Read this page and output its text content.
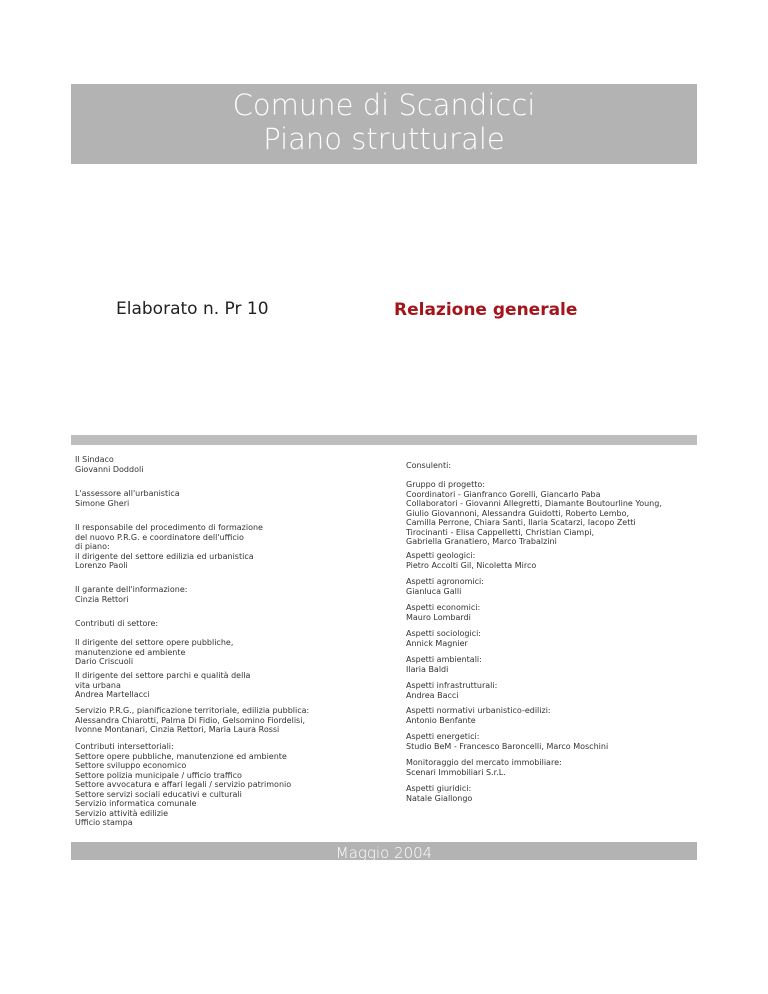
Comune di Scandicci
Piano strutturale
Elaborato n. Pr 10	Relazione generale
Il Sindaco
Giovanni Doddoli
L'assessore all'urbanistica
Simone Gheri
Il responsabile del procedimento di formazione
del nuovo P.R.G. e coordinatore dell'ufficio
di piano:
il dirigente del settore edilizia ed urbanistica
Lorenzo Paoli
Il garante dell'informazione:
Cinzia Rettori
Contributi di settore:
Il dirigente del settore opere pubbliche,
manutenzione ed ambiente
Dario Criscuoli
Il dirigente del settore parchi e qualità della
vita urbana
Andrea Martellacci
Servizio P.R.G., pianificazione territoriale, edilizia pubblica:
Alessandra Chiarotti, Palma Di Fidio, Gelsomino Fiordelisi,
Ivonne Montanari, Cinzia Rettori, Maria Laura Rossi
Contributi intersettoriali:
Settore opere pubbliche, manutenzione ed ambiente
Settore sviluppo economico
Settore polizia municipale / ufficio traffico
Settore avvocatura e affari legali / servizio patrimonio
Settore servizi sociali educativi e culturali
Servizio informatica comunale
Servizio attività edilizie
Ufficio stampa
Consulenti:
Gruppo di progetto:
Coordinatori - Gianfranco Gorelli, Giancarlo Paba
Collaboratori - Giovanni Allegretti, Diamante Boutourline Young,
Giulio Giovannoni, Alessandra Guidotti, Roberto Lembo,
Camilla Perrone, Chiara Santi, Ilaria Scatarzi, Iacopo Zetti
Tirocinanti - Elisa Cappelletti, Christian Ciampi,
Gabriella Granatiero, Marco Trabalzini
Aspetti geologici:
Pietro Accolti Gil, Nicoletta Mirco
Aspetti agronomici:
Gianluca Galli
Aspetti economici:
Mauro Lombardi
Aspetti sociologici:
Annick Magnier
Aspetti ambientali:
Ilaria Baldi
Aspetti infrastrutturali:
Andrea Bacci
Aspetti normativi urbanistico-edilizi:
Antonio Benfante
Aspetti energetici:
Studio BeM - Francesco Baroncelli, Marco Moschini
Monitoraggio del mercato immobiliare:
Scenari Immobiliari S.r.L.
Aspetti giuridici:
Natale Giallongo
Maggio 2004
